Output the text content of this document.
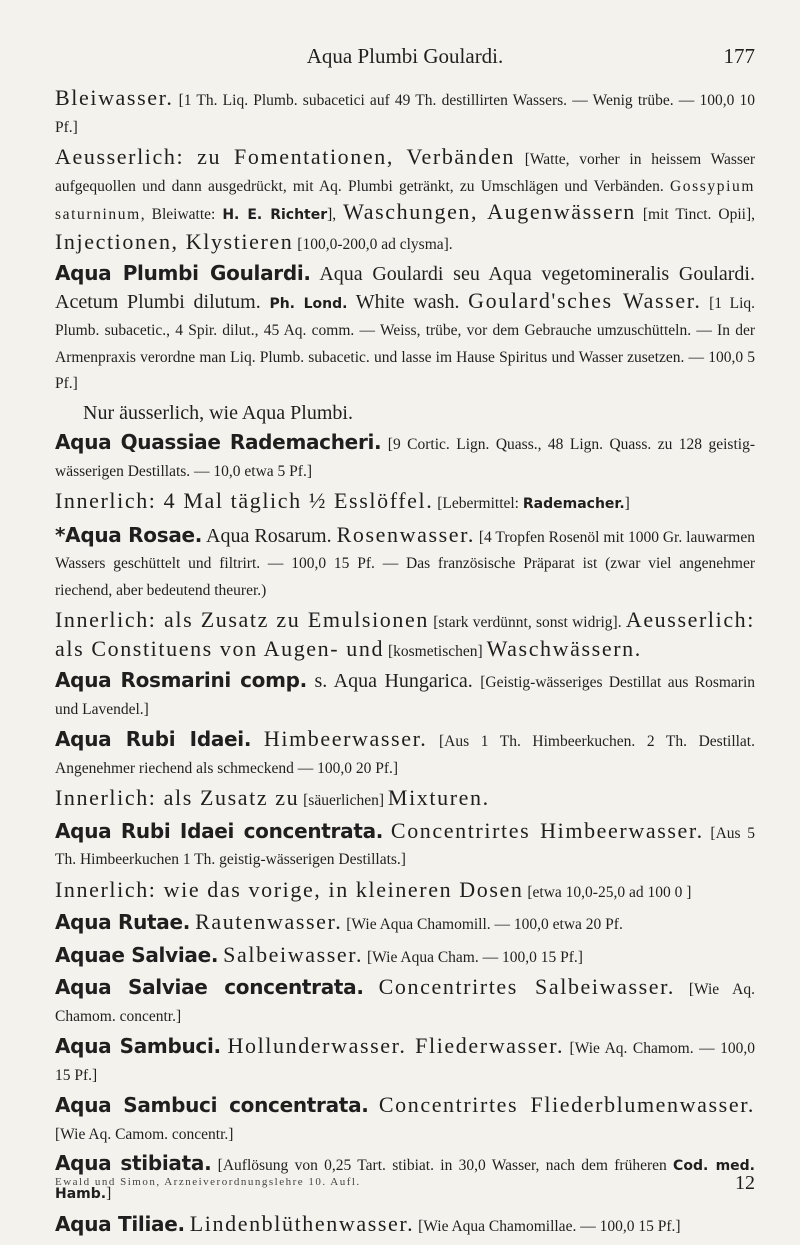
Aqua Plumbi Goulardi.	177

Bleiwasser. [1 Th. Liq. Plumb. subacetici auf 49 Th. destillirten Wassers. — Wenig trübe. — 100,0 10 Pf.]

Aeusserlich: zu Fomentationen, Verbänden [Watte, vorher in heissem Wasser aufgequollen und dann ausgedrückt, mit Aq. Plumbi getränkt, zu Umschlägen und Verbänden. Gossypium saturninum, Bleiwatte: H. E. Richter], Waschungen, Augenwässern [mit Tinct. Opii], Injectionen, Klystieren [100,0-200,0 ad clysma].

Aqua Plumbi Goulardi. Aqua Goulardi seu Aqua vegetomineralis Goulardi. Acetum Plumbi dilutum. Ph. Lond. White wash. Goulard'sches Wasser. [1 Liq. Plumb. subacetic., 4 Spir. dilut., 45 Aq. comm. — Weiss, trübe, vor dem Gebrauche umzuschütteln. — In der Armenpraxis verordne man Liq. Plumb. subacetic. und lasse im Hause Spiritus und Wasser zusetzen. — 100,0 5 Pf.]

Nur äusserlich, wie Aqua Plumbi.

Aqua Quassiae Rademacheri. [9 Cortic. Lign. Quass., 48 Lign. Quass. zu 128 geistig-wässerigen Destillats. — 10,0 etwa 5 Pf.]

Innerlich: 4 Mal täglich ½ Esslöffel. [Lebermittel: Rademacher.]

*Aqua Rosae. Aqua Rosarum. Rosenwasser. [4 Tropfen Rosenöl mit 1000 Gr. lauwarmen Wassers geschüttelt und filtrirt. — 100,0 15 Pf. — Das französische Präparat ist (zwar viel angenehmer riechend, aber bedeutend theurer.)

Innerlich: als Zusatz zu Emulsionen [stark verdünnt, sonst widrig]. Aeusserlich: als Constituens von Augen- und [kosmetischen] Waschwässern.

Aqua Rosmarini comp. s. Aqua Hungarica. [Geistig-wässeriges Destillat aus Rosmarin und Lavendel.]

Aqua Rubi Idaei. Himbeerwasser. [Aus 1 Th. Himbeerkuchen. 2 Th. Destillat. Angenehmer riechend als schmeckend — 100,0 20 Pf.]

Innerlich: als Zusatz zu [säuerlichen] Mixturen.

Aqua Rubi Idaei concentrata. Concentrirtes Himbeerwasser. [Aus 5 Th. Himbeerkuchen 1 Th. geistig-wässerigen Destillats.]

Innerlich: wie das vorige, in kleineren Dosen [etwa 10,0-25,0 ad 100 0 ]

Aqua Rutae. Rautenwasser. [Wie Aqua Chamomill. — 100,0 etwa 20 Pf.

Aquae Salviae. Salbeiwasser. [Wie Aqua Cham. — 100,0 15 Pf.]

Aqua Salviae concentrata. Concentrirtes Salbeiwasser. [Wie Aq. Chamom. concentr.]

Aqua Sambuci. Hollunderwasser. Fliederwasser. [Wie Aq. Chamom. — 100,0 15 Pf.]

Aqua Sambuci concentrata. Concentrirtes Fliederblumenwasser. [Wie Aq. Camom. concentr.]

Aqua stibiata. [Auflösung von 0,25 Tart. stibiat. in 30,0 Wasser, nach dem früheren Cod. med. Hamb.]

Aqua Tiliae. Lindenblüthenwasser. [Wie Aqua Chamomillae. — 100,0 15 Pf.]

Ewald und Simon, Arzneiverordnungslehre 10. Aufl.	12
